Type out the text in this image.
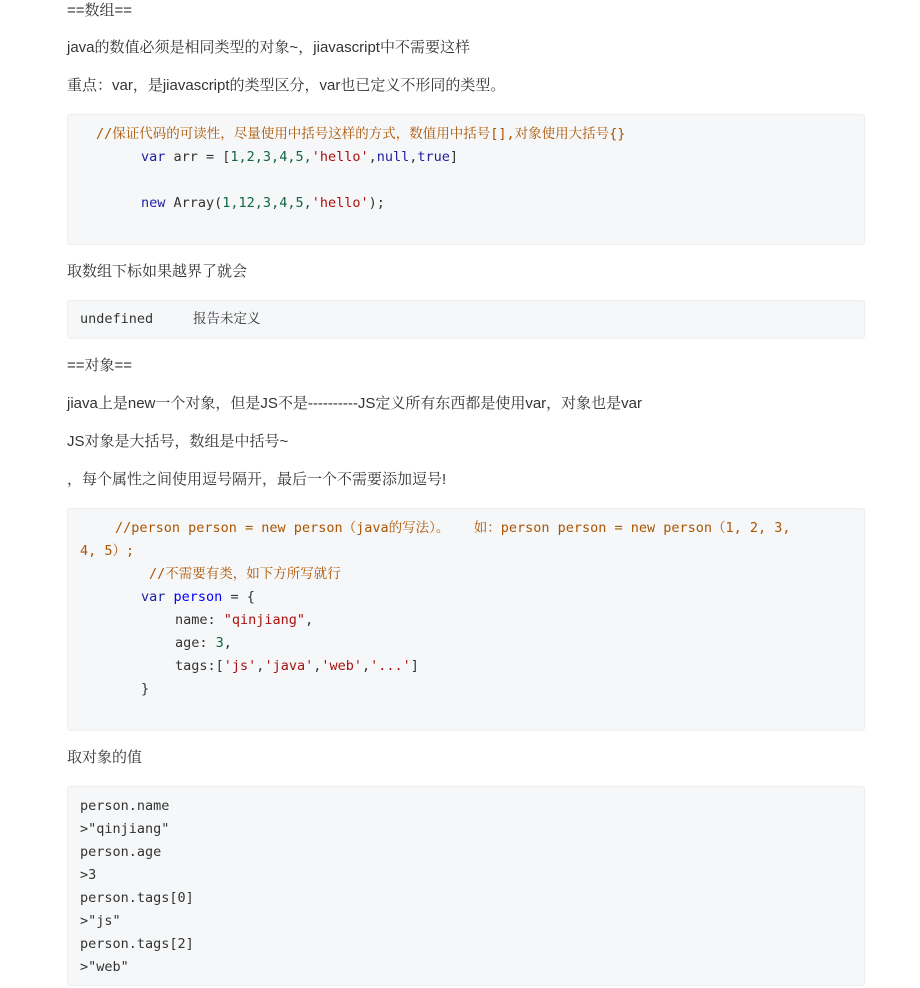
==数组==

java的数值必须是相同类型的对象~，jiavascript中不需要这样

重点：var，是jiavascript的类型区分，var也已定义不形同的类型。

//保证代码的可读性，尽量使用中括号这样的方式，数值用中括号[],对象使用大括号{}
var arr = [1,2,3,4,5,'hello',null,true]
new Array(1,12,3,4,5,'hello');

取数组下标如果越界了就会

undefined	报告未定义

==对象==

jiava上是new一个对象，但是JS不是----------JS定义所有东西都是使用var，对象也是var

JS对象是大括号，数组是中括号~

，每个属性之间使用逗号隔开，最后一个不需要添加逗号!

//person person = new person（java的写法）。   如：person person = new person（1, 2, 3,
4, 5）;
//不需要有类，如下方所写就行
var person = {
name: "qinjiang",
age: 3,
tags:['js','java','web','...']
}

取对象的值

person.name
>"qinjiang"
person.age
>3
person.tags[0]
>"js"
person.tags[2]
>"web"
